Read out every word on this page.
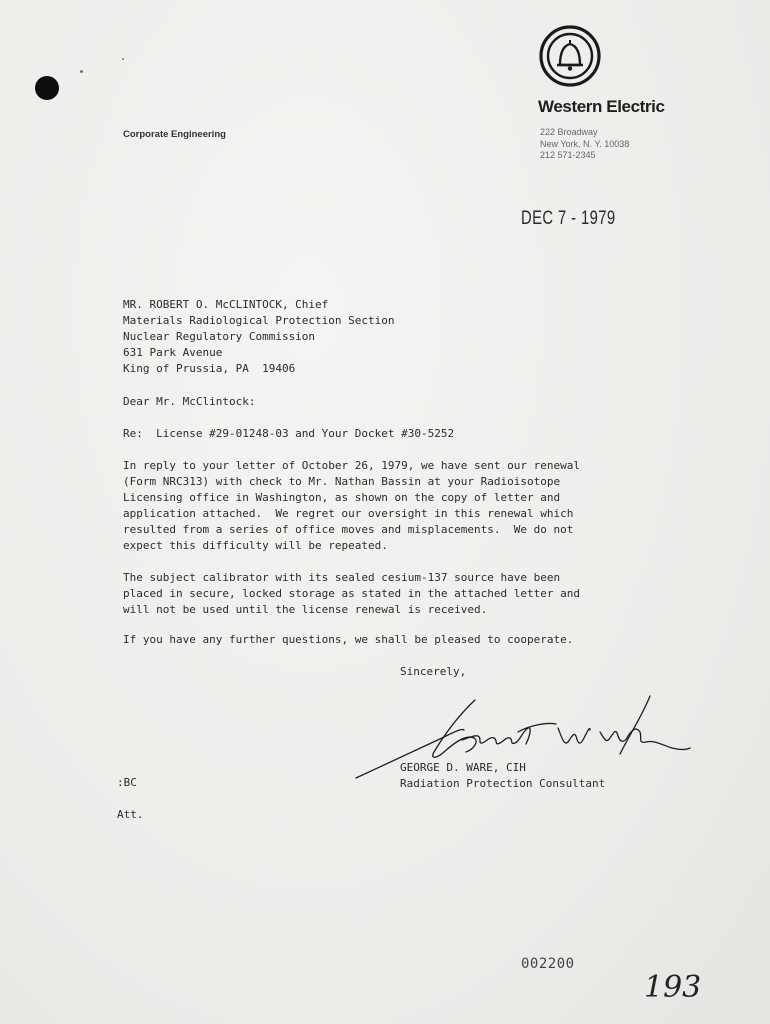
Western Electric
Corporate Engineering	222 Broadway
New York, N. Y. 10038
212 571-2345
DEC 7 - 1979
MR. ROBERT O. McCLINTOCK, Chief
Materials Radiological Protection Section
Nuclear Regulatory Commission
631 Park Avenue
King of Prussia, PA  19406
Dear Mr. McClintock:
Re:  License #29-01248-03 and Your Docket #30-5252
In reply to your letter of October 26, 1979, we have sent our renewal
(Form NRC313) with check to Mr. Nathan Bassin at your Radioisotope
Licensing office in Washington, as shown on the copy of letter and
application attached.  We regret our oversight in this renewal which
resulted from a series of office moves and misplacements.  We do not
expect this difficulty will be repeated.
The subject calibrator with its sealed cesium-137 source have been
placed in secure, locked storage as stated in the attached letter and
will not be used until the license renewal is received.
If you have any further questions, we shall be pleased to cooperate.
Sincerely,
GEORGE D. WARE, CIH
Radiation Protection Consultant
:BC
Att.
002200
193
